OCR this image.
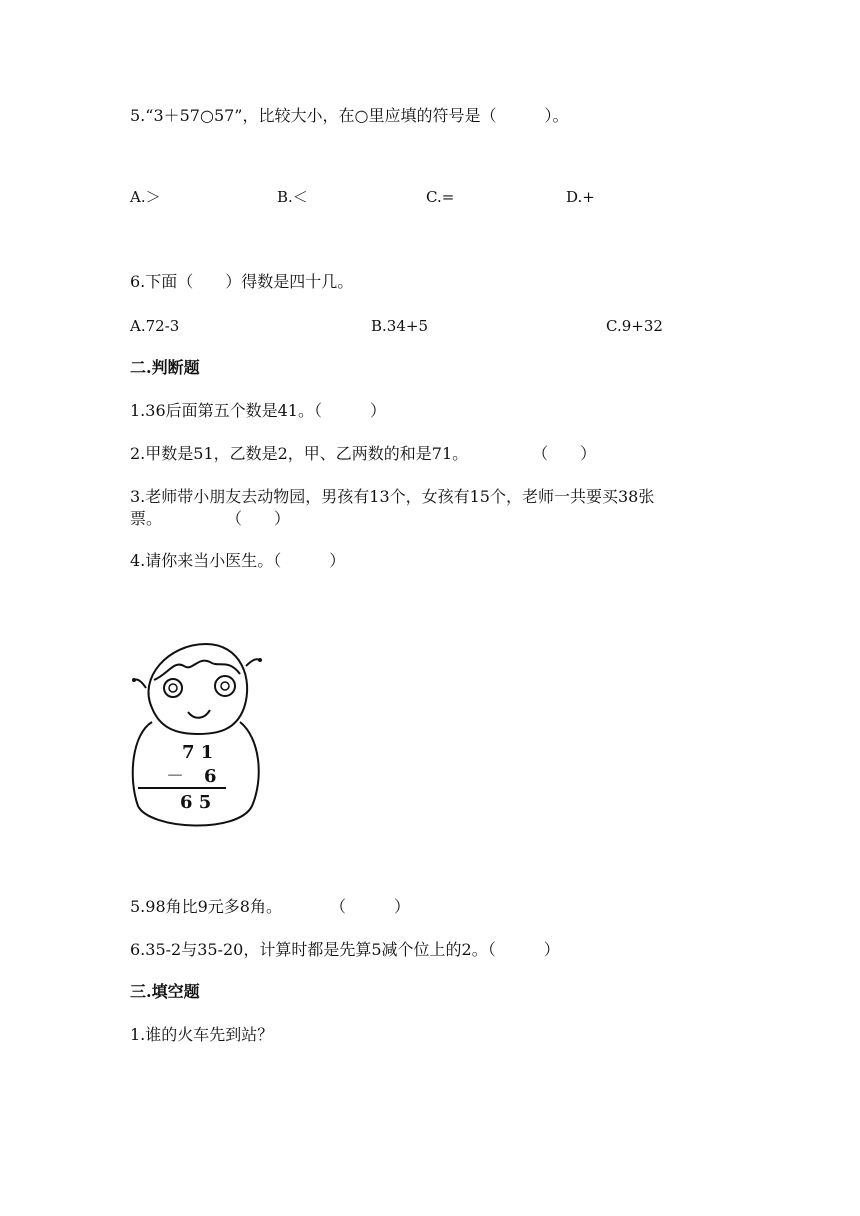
5.“3＋57○57”，比较大小，在○里应填的符号是（　　　）。
A.＞	B.＜	C.=	D.+
6.下面（　　）得数是四十几。
A.72-3	B.34+5	C.9+32
二.判断题
1.36后面第五个数是41。（　　　）
2.甲数是51，乙数是2，甲、乙两数的和是71。　　　　　（　　）
3.老师带小朋友去动物园，男孩有13个，女孩有15个，老师一共要买38张
票。　　　　　（　　）
4.请你来当小医生。（　　　）
7 1
－ 6
6 5
5.98角比9元多8角。　　　　（　　　）
6.35-2与35-20，计算时都是先算5减个位上的2。（　　　）
三.填空题
1.谁的火车先到站？
